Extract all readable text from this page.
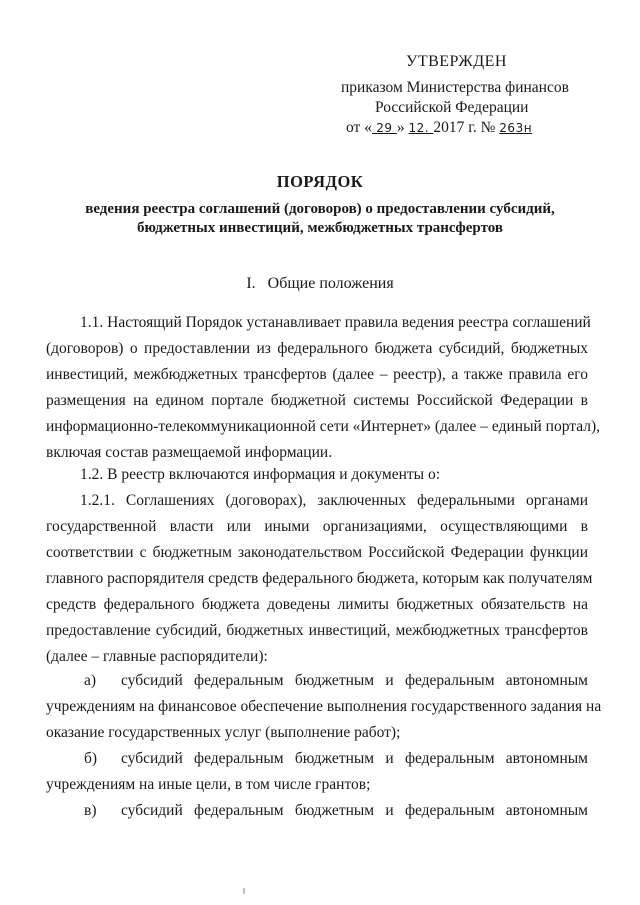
УТВЕРЖДЕН
приказом Министерства финансов
Российской Федерации
от « 29 » 12. 2017 г. № 263н
ПОРЯДОК
ведения реестра соглашений (договоров) о предоставлении субсидий,
бюджетных инвестиций, межбюджетных трансфертов
I. Общие положения
1.1. Настоящий Порядок устанавливает правила ведения реестра соглашений
(договоров) о предоставлении из федерального бюджета субсидий, бюджетных
инвестиций, межбюджетных трансфертов (далее – реестр), а также правила его
размещения на едином портале бюджетной системы Российской Федерации в
информационно-телекоммуникационной сети «Интернет» (далее – единый портал),
включая состав размещаемой информации.
1.2. В реестр включаются информация и документы о:
1.2.1. Соглашениях (договорах), заключенных федеральными органами
государственной власти или иными организациями, осуществляющими в
соответствии с бюджетным законодательством Российской Федерации функции
главного распорядителя средств федерального бюджета, которым как получателям
средств федерального бюджета доведены лимиты бюджетных обязательств на
предоставление субсидий, бюджетных инвестиций, межбюджетных трансфертов
(далее – главные распорядители):
а) субсидий федеральным бюджетным и федеральным автономным
учреждениям на финансовое обеспечение выполнения государственного задания на
оказание государственных услуг (выполнение работ);
б) субсидий федеральным бюджетным и федеральным автономным
учреждениям на иные цели, в том числе грантов;
в) субсидий федеральным бюджетным и федеральным автономным
